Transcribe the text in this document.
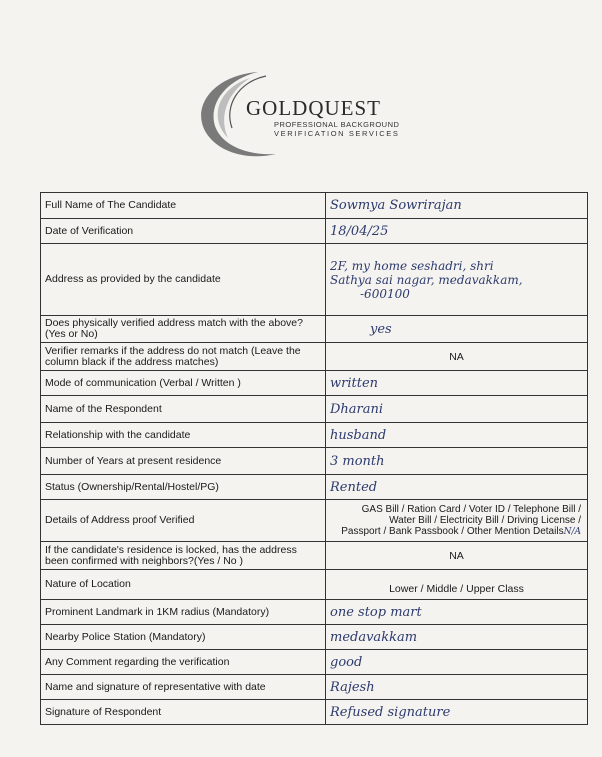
GOLDQUEST
PROFESSIONAL BACKGROUND
VERIFICATION SERVICES
Full Name of The Candidate	Sowmya Sowrirajan
Date of Verification	18/04/25
Address as provided by the candidate	2F, my home seshadri, shri
Sathya sai nagar, medavakkam,
-600100

Does physically verified address match with the above? (Yes or No)	yes
Verifier remarks if the address do not match (Leave the column black if the address matches)	NA

Mode of communication (Verbal / Written )	written
Name of the Respondent	Dharani
Relationship with the candidate	husband
Number of Years at present residence	3 month
Status (Ownership/Rental/Hostel/PG)	Rented
Details of Address proof Verified	GAS Bill / Ration Card / Voter ID / Telephone Bill /
Water Bill / Electricity Bill / Driving License /
Passport / Bank Passbook / Other Mention DetailsN/A

If the candidate's residence is locked, has the address been confirmed with neighbors?(Yes / No )	NA

Nature of Location	Lower / Middle / Upper Class

Prominent Landmark in 1KM radius (Mandatory)	one stop mart
Nearby Police Station (Mandatory)	medavakkam
Any Comment regarding the verification	good
Name and signature of representative with date	Rajesh
Signature of Respondent	Refused signature
